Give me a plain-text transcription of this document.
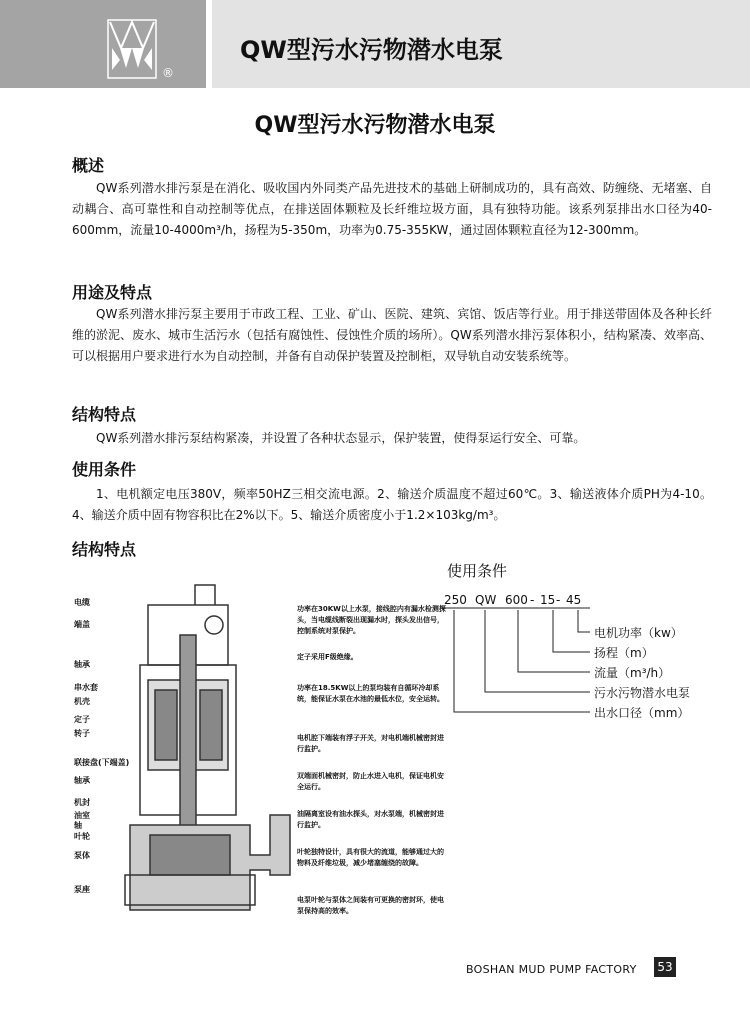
®
QW型污水污物潜水电泵
QW型污水污物潜水电泵
概述
QW系列潜水排污泵是在消化、吸收国内外同类产品先进技术的基础上研制成功的，具有高效、防缠绕、无堵塞、自动耦合、高可靠性和自动控制等优点，在排送固体颗粒及长纤维垃圾方面，具有独特功能。该系列泵排出水口径为40-600mm，流量10-4000m³/h，扬程为5-350m，功率为0.75-355KW，通过固体颗粒直径为12-300mm。
用途及特点
QW系列潜水排污泵主要用于市政工程、工业、矿山、医院、建筑、宾馆、饭店等行业。用于排送带固体及各种长纤维的淤泥、废水、城市生活污水（包括有腐蚀性、侵蚀性介质的场所）。QW系列潜水排污泵体积小，结构紧凑、效率高、可以根据用户要求进行水为自动控制，并备有自动保护装置及控制柜，双导轨自动安装系统等。
结构特点
QW系列潜水排污泵结构紧凑，并设置了各种状态显示，保护装置，使得泵运行安全、可靠。
使用条件
1、电机额定电压380V，频率50HZ三相交流电源。2、输送介质温度不超过60℃。3、输送液体介质PH为4-10。4、输送介质中固有物容积比在2%以下。5、输送介质密度小于1.2×103kg/m³。
结构特点
电缆
端盖
轴承
串水套
机壳
定子
转子
联接盘(下端盖)
轴承
机封
油室
轴
叶轮
泵体
泵座
功率在30KW以上水泵，接线腔内有漏水检测探头，当电缆线断裂出现漏水时，探头发出信号，控制系统对泵保护。
定子采用F级绝缘。
功率在18.5KW以上的泵均装有自循环冷却系统，能保证水泵在水池的最低水位，安全运转。
电机腔下端装有浮子开关，对电机端机械密封进行监护。
双端面机械密封，防止水进入电机，保证电机安全运行。
油隔离室设有油水探头，对水泵端，机械密封进行监护。
叶轮独特设计，具有很大的流道，能够通过大的物料及纤维垃圾，减少堵塞缠绕的故障。
电泵叶轮与泵体之间装有可更换的密封环，使电泵保持高的效率。
使用条件
250 QW 600 - 15 - 45
电机功率（kw）
扬程（m）
流量（m³/h）
污水污物潜水电泵
出水口径（mm）
BOSHAN MUD PUMP FACTORY 53
